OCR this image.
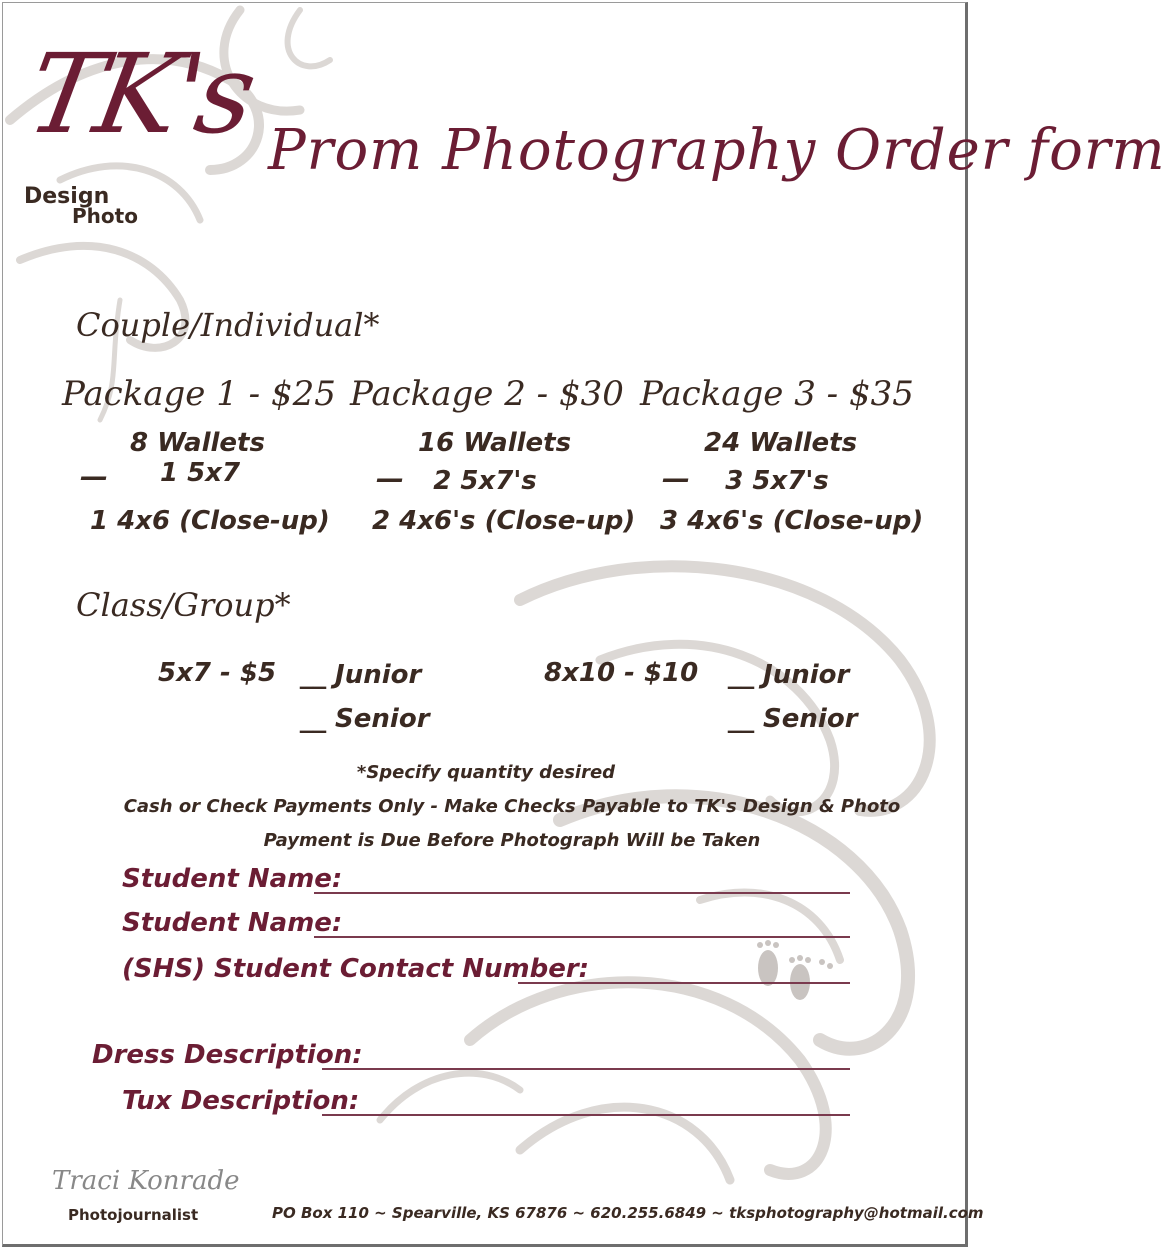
TK's
Design
Photo
Prom Photography Order form
Couple/Individual*
Package 1 - $25 Package 2 - $30 Package 3 - $35
8 Wallets
— 1 5x7
1 4x6 (Close-up)
16 Wallets
— 2 5x7's
2 4x6's (Close-up)
24 Wallets
— 3 5x7's
3 4x6's (Close-up)
Class/Group*
5x7 - $5 __ Junior
__ Senior
8x10 - $10 __ Junior
__ Senior
*Specify quantity desired
Cash or Check Payments Only - Make Checks Payable to TK's Design & Photo
Payment is Due Before Photograph Will be Taken
Student Name:
Student Name:
(SHS) Student Contact Number:
Dress Description:
Tux Description:
Traci Konrade
Photojournalist	PO Box 110 ~ Spearville, KS 67876 ~ 620.255.6849 ~ tksphotography@hotmail.com
